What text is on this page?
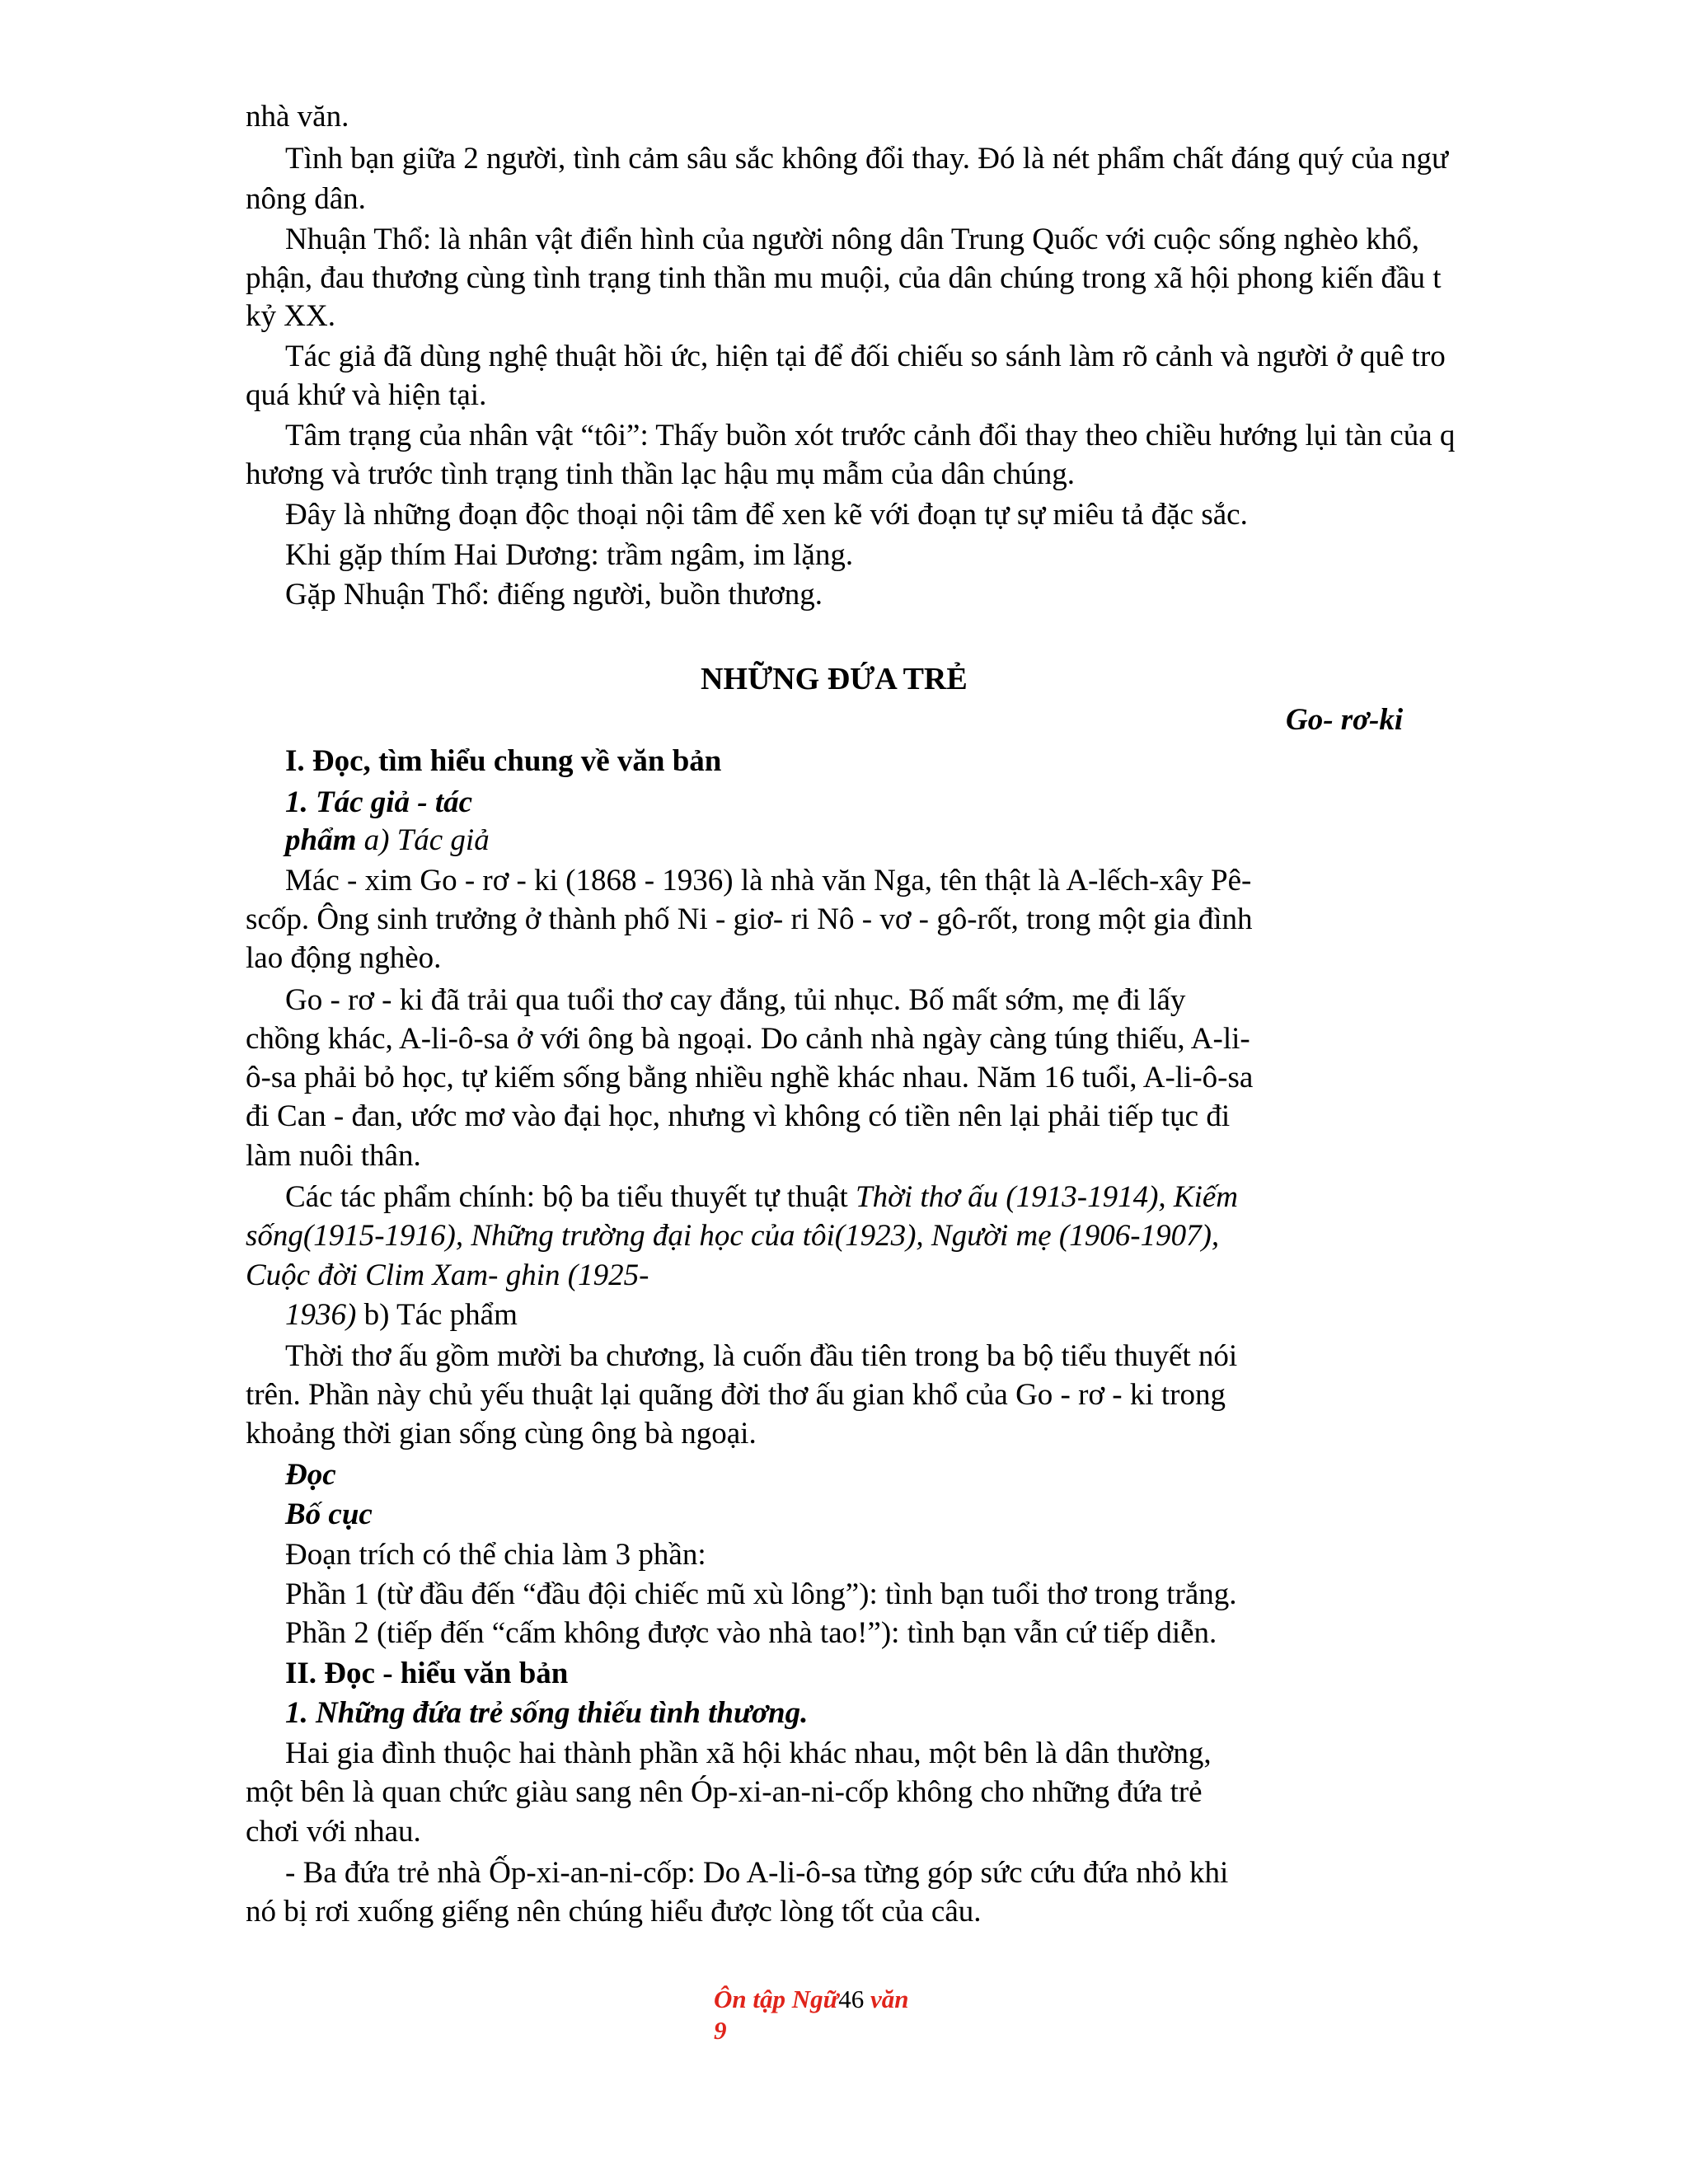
nhà văn.

Tình bạn giữa 2 người, tình cảm sâu sắc không đổi thay. Đó là nét phẩm chất đáng quý của ngư

nông dân.

Nhuận Thổ: là nhân vật điển hình của người nông dân Trung Quốc với cuộc sống nghèo khổ,

phận, đau thương cùng tình trạng tinh thần mu muội, của dân chúng trong xã hội phong kiến đầu t

kỷ XX.

Tác giả đã dùng nghệ thuật hồi ức, hiện tại để đối chiếu so sánh làm rõ cảnh và người ở quê tro

quá khứ và hiện tại.

Tâm trạng của nhân vật “tôi”: Thấy buồn xót trước cảnh đổi thay theo chiều hướng lụi tàn của q

hương và trước tình trạng tinh thần lạc hậu mụ mẫm của dân chúng.

Đây là những đoạn độc thoại nội tâm để xen kẽ với đoạn tự sự miêu tả đặc sắc.

Khi gặp thím Hai Dương: trầm ngâm, im lặng.

Gặp Nhuận Thổ: điếng người, buồn thương.

NHỮNG ĐỨA TRẺ

Go- rơ-ki

I. Đọc, tìm hiểu chung về văn bản

1. Tác giả - tác

phẩm a) Tác giả

Mác - xim Go - rơ - ki (1868 - 1936) là nhà văn Nga, tên thật là A-lếch-xây Pê-

scốp. Ông sinh trưởng ở thành phố Ni - giơ- ri Nô - vơ - gô-rốt, trong một gia đình

lao động nghèo.

Go - rơ - ki đã trải qua tuổi thơ cay đắng, tủi nhục. Bố mất sớm, mẹ đi lấy

chồng khác, A-li-ô-sa ở với ông bà ngoại. Do cảnh nhà ngày càng túng thiếu, A-li-

ô-sa phải bỏ học, tự kiếm sống bằng nhiều nghề khác nhau. Năm 16 tuổi, A-li-ô-sa

đi Can - đan, ước mơ vào đại học, nhưng vì không có tiền nên lại phải tiếp tục đi

làm nuôi thân.

Các tác phẩm chính: bộ ba tiểu thuyết tự thuật Thời thơ ấu (1913-1914), Kiếm

sống(1915-1916), Những trường đại học của tôi(1923), Người mẹ (1906-1907),

Cuộc đời Clim Xam- ghin (1925-

1936) b) Tác phẩm

Thời thơ ấu gồm mười ba chương, là cuốn đầu tiên trong ba bộ tiểu thuyết nói

trên. Phần này chủ yếu thuật lại quãng đời thơ ấu gian khổ của Go - rơ - ki trong

khoảng thời gian sống cùng ông bà ngoại.

Đọc

Bố cục

Đoạn trích có thể chia làm 3 phần:

Phần 1 (từ đầu đến “đầu đội chiếc mũ xù lông”): tình bạn tuổi thơ trong trắng.

Phần 2 (tiếp đến “cấm không được vào nhà tao!”): tình bạn vẫn cứ tiếp diễn.

II. Đọc - hiểu văn bản

1. Những đứa trẻ sống thiếu tình thương.

Hai gia đình thuộc hai thành phần xã hội khác nhau, một bên là dân thường,

một bên là quan chức giàu sang nên Óp-xi-an-ni-cốp không cho những đứa trẻ

chơi với nhau.

- Ba đứa trẻ nhà Ốp-xi-an-ni-cốp: Do A-li-ô-sa từng góp sức cứu đứa nhỏ khi

nó bị rơi xuống giếng nên chúng hiểu được lòng tốt của câu.

Ôn tập Ngữ46 văn

9
